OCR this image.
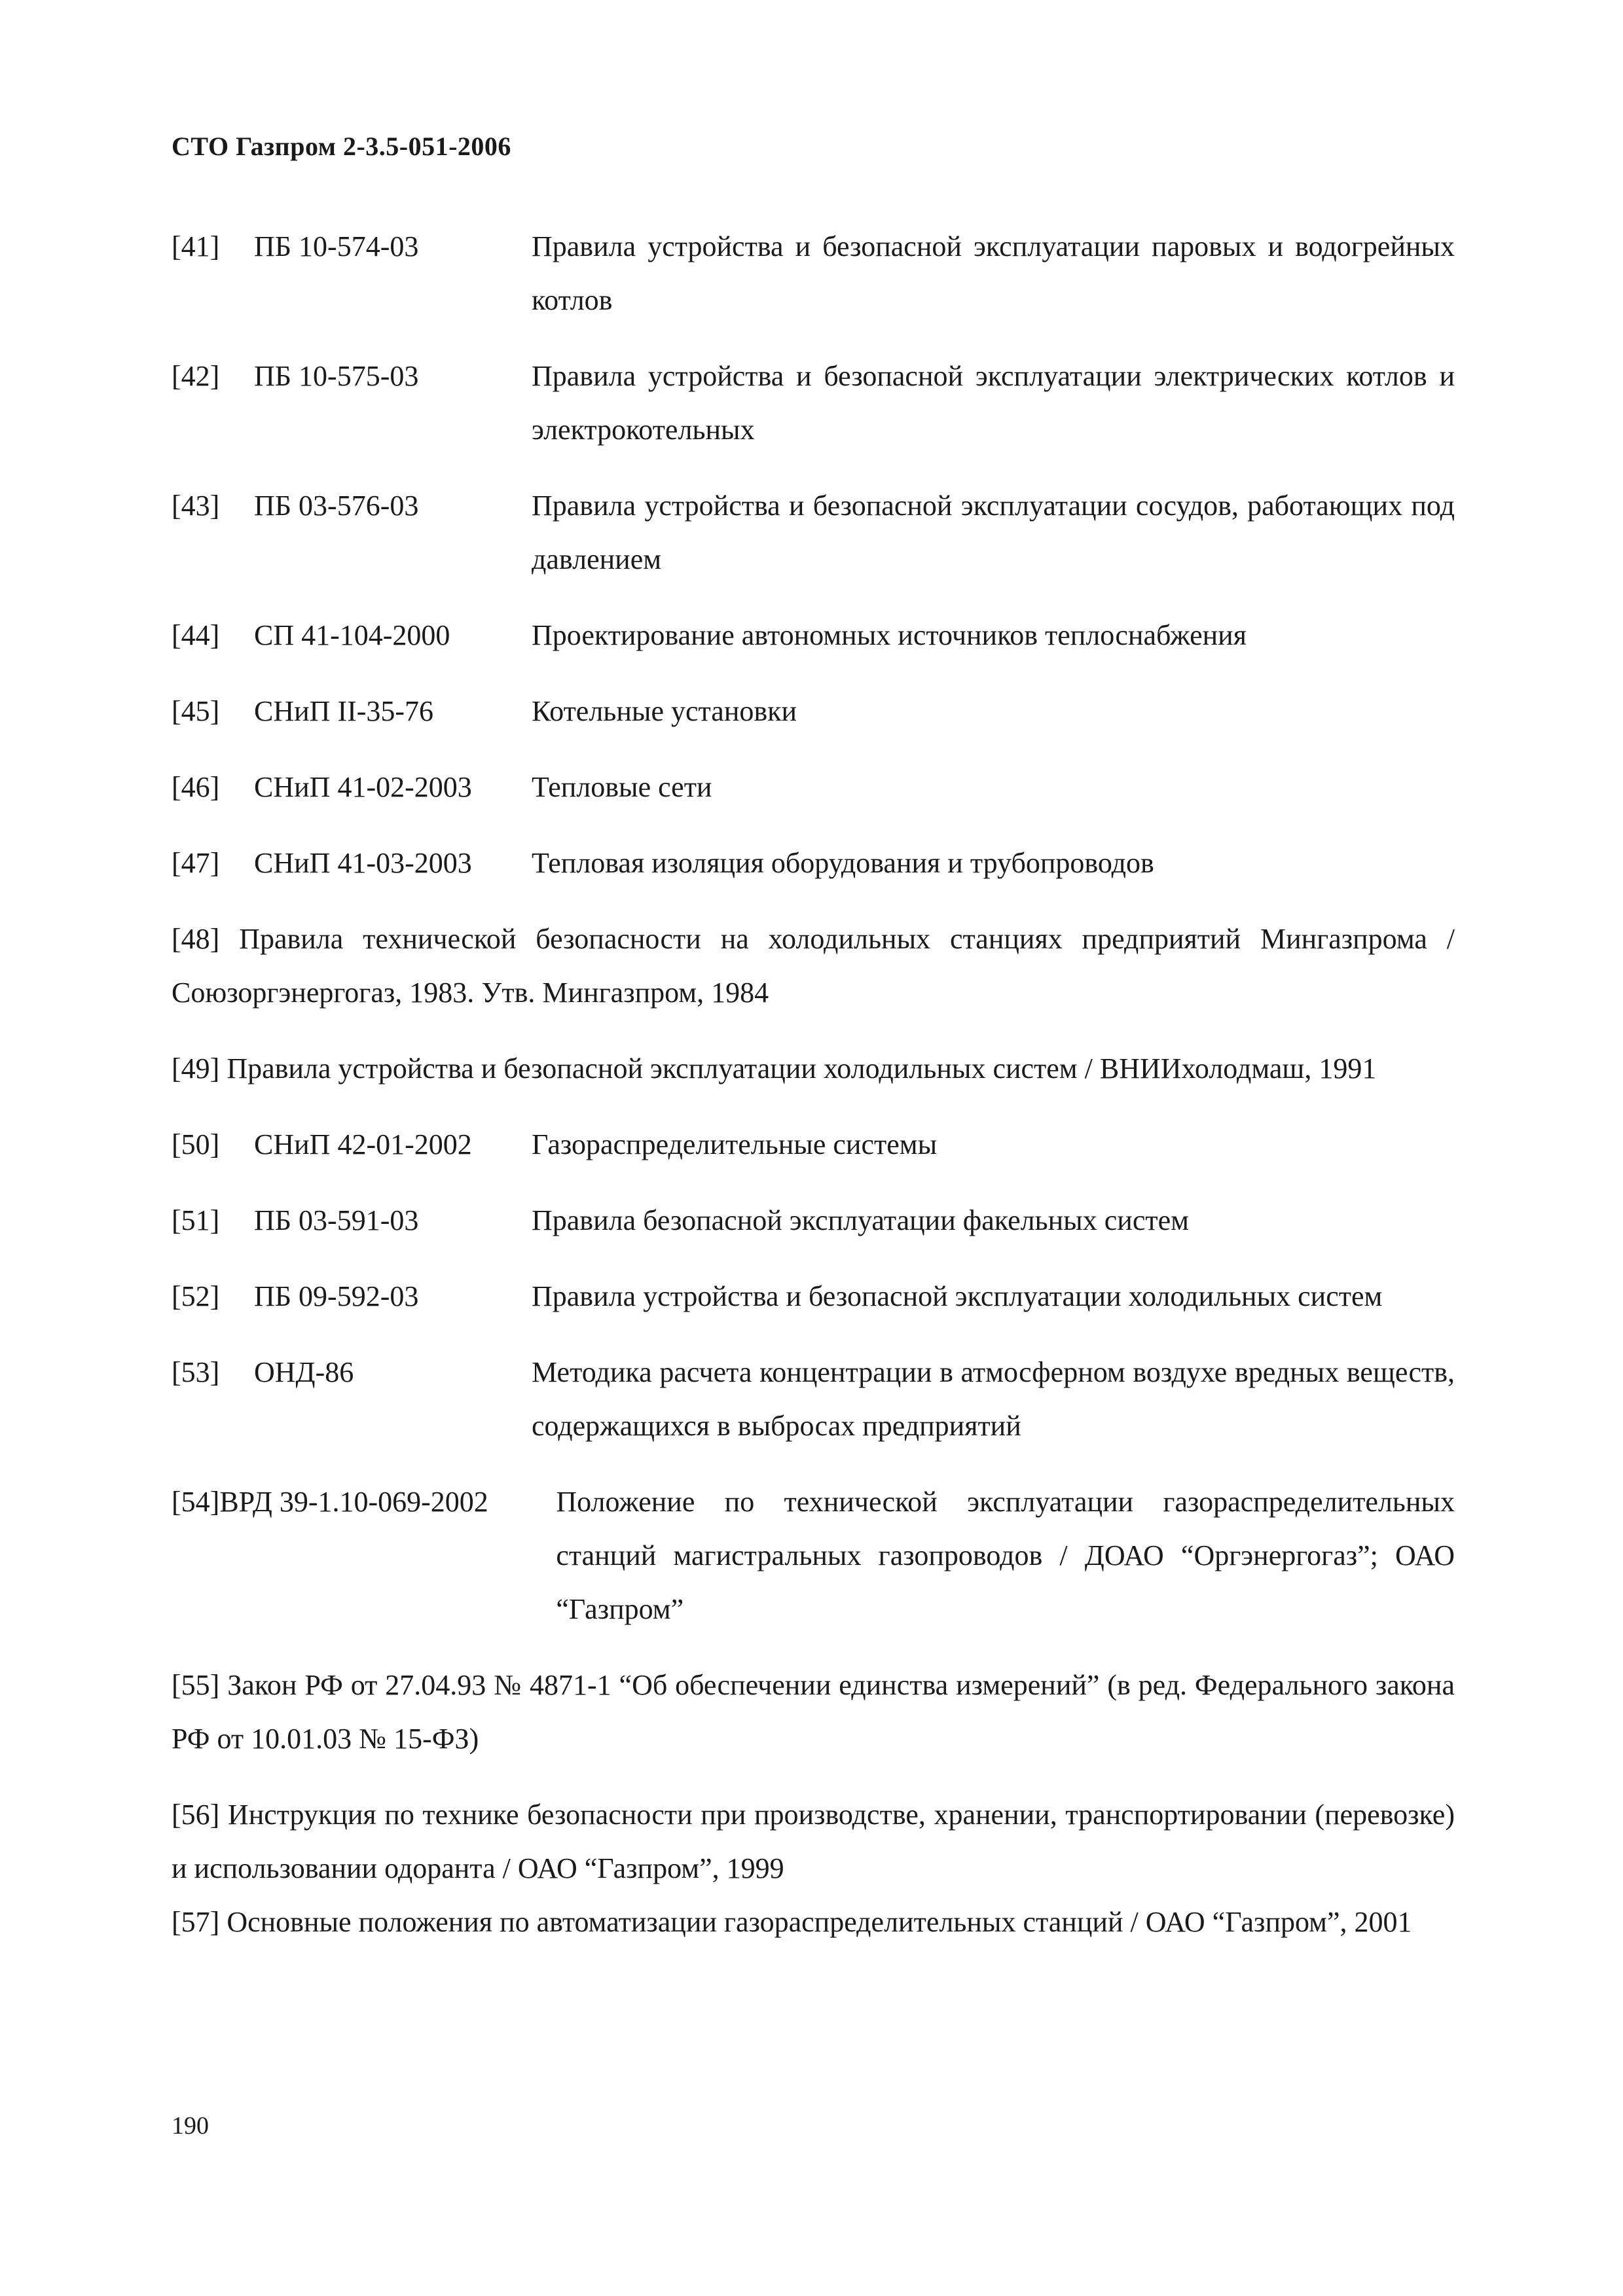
СТО Газпром 2-3.5-051-2006
[41]	ПБ 10-574-03	Правила устройства и безопасной эксплуатации паровых и водогрейных котлов
[42]	ПБ 10-575-03	Правила устройства и безопасной эксплуатации электрических котлов и электрокотельных
[43]	ПБ 03-576-03	Правила устройства и безопасной эксплуатации сосудов, работающих под давлением
[44]	СП 41-104-2000	Проектирование автономных источников теплоснабжения
[45]	СНиП II-35-76	Котельные установки
[46]	СНиП 41-02-2003	Тепловые сети
[47]	СНиП 41-03-2003	Тепловая изоляция оборудования и трубопроводов
[48] Правила технической безопасности на холодильных станциях предприятий Мингазпрома / Союзоргэнергогаз, 1983. Утв. Мингазпром, 1984
[49] Правила устройства и безопасной эксплуатации холодильных систем / ВНИИхолодмаш, 1991
[50]	СНиП 42-01-2002	Газораспределительные системы
[51]	ПБ 03-591-03	Правила безопасной эксплуатации факельных систем
[52]	ПБ 09-592-03	Правила устройства и безопасной эксплуатации холодильных систем
[53]	ОНД-86	Методика расчета концентрации в атмосферном воздухе вредных веществ, содержащихся в выбросах предприятий
[54] ВРД 39-1.10-069-2002	Положение по технической эксплуатации газораспределительных станций магистральных газопроводов / ДОАО “Оргэнергогаз”; ОАО “Газпром”
[55] Закон РФ от 27.04.93 № 4871-1 “Об обеспечении единства измерений” (в ред. Федерального закона РФ от 10.01.03 № 15-ФЗ)
[56] Инструкция по технике безопасности при производстве, хранении, транспортировании (перевозке) и использовании одоранта / ОАО “Газпром”, 1999
[57] Основные положения по автоматизации газораспределительных станций / ОАО “Газпром”, 2001
190
